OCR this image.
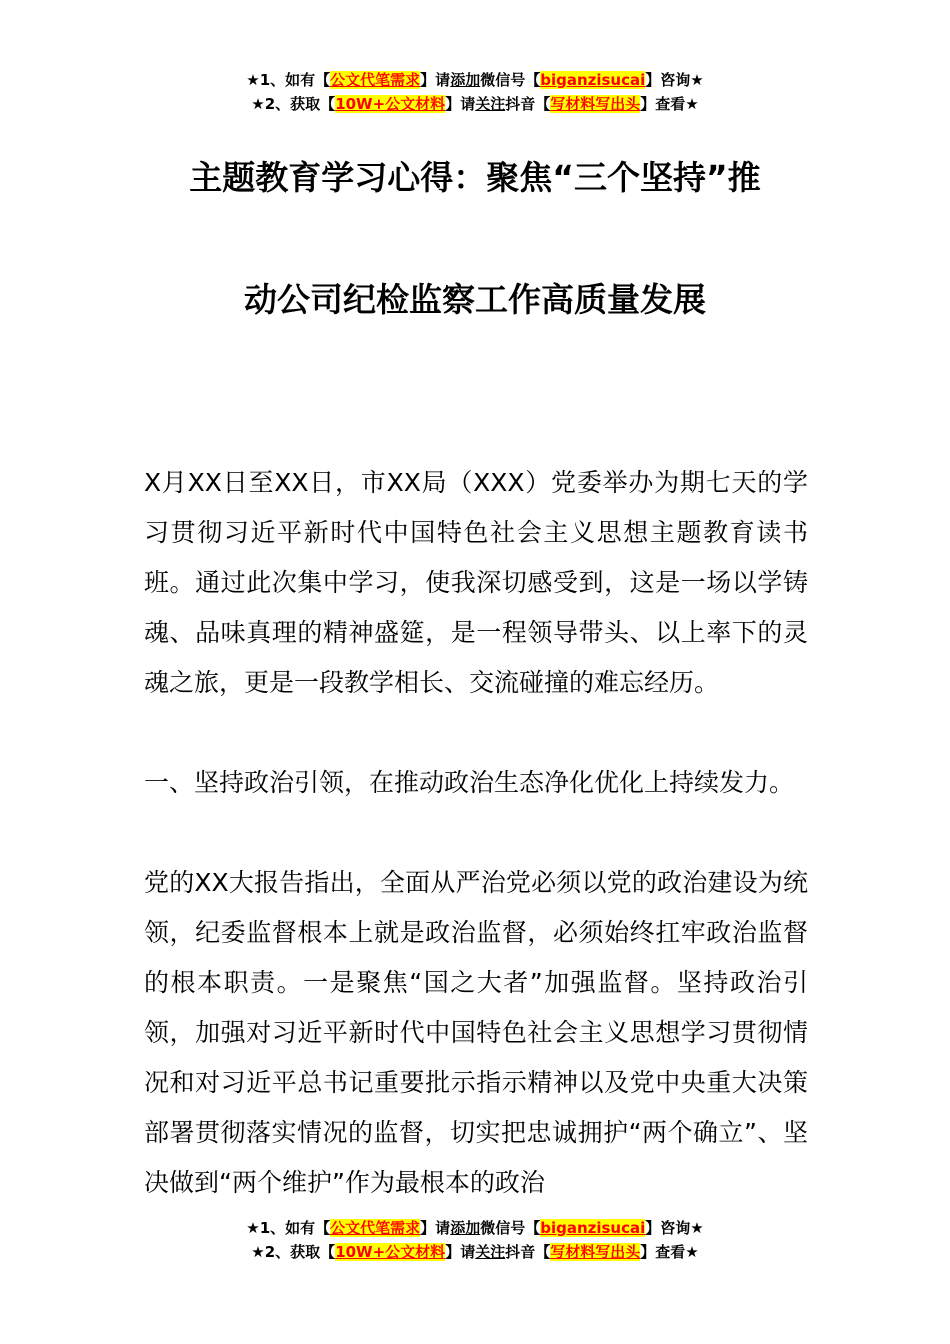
★1、如有【公文代笔需求】请添加微信号【biganzisucai】咨询★
★2、获取【10W+公文材料】请关注抖音【写材料写出头】查看★
主题教育学习心得：聚焦“三个坚持”推
动公司纪检监察工作高质量发展

X月XX日至XX日，市XX局（XXX）党委举办为期七天的学习贯彻习近平新时代中国特色社会主义思想主题教育读书班。通过此次集中学习，使我深切感受到，这是一场以学铸魂、品味真理的精神盛筵，是一程领导带头、以上率下的灵魂之旅，更是一段教学相长、交流碰撞的难忘经历。

一、坚持政治引领，在推动政治生态净化优化上持续发力。

党的XX大报告指出，全面从严治党必须以党的政治建设为统领，纪委监督根本上就是政治监督，必须始终扛牢政治监督的根本职责。一是聚焦“国之大者”加强监督。坚持政治引领，加强对习近平新时代中国特色社会主义思想学习贯彻情况和对习近平总书记重要批示指示精神以及党中央重大决策部署贯彻落实情况的监督，切实把忠诚拥护“两个确立”、坚决做到“两个维护”作为最根本的政治

★1、如有【公文代笔需求】请添加微信号【biganzisucai】咨询★
★2、获取【10W+公文材料】请关注抖音【写材料写出头】查看★
